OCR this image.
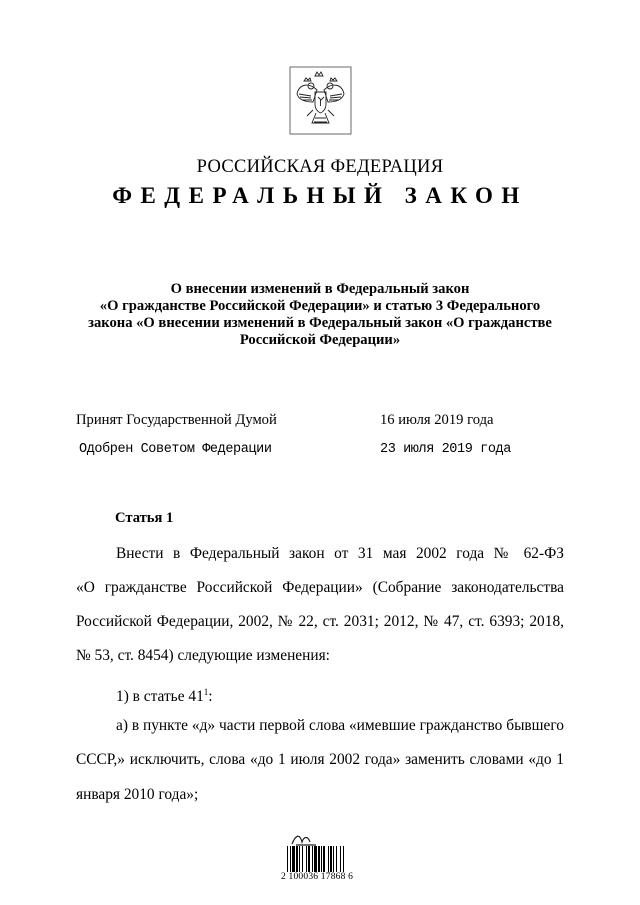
РОССИЙСКАЯ ФЕДЕРАЦИЯ
ФЕДЕРАЛЬНЫЙ ЗАКОН
О внесении изменений в Федеральный закон
«О гражданстве Российской Федерации» и статью 3 Федерального
закона «О внесении изменений в Федеральный закон «О гражданстве
Российской Федерации»
Принят Государственной Думой	16 июля 2019 года
Одобрен Советом Федерации	23 июля 2019 года
Статья 1
Внести в Федеральный закон от 31 мая 2002 года № 62-ФЗ
«О гражданстве Российской Федерации» (Собрание законодательства
Российской Федерации, 2002, № 22, ст. 2031; 2012, № 47, ст. 6393; 2018,
№ 53, ст. 8454) следующие изменения:
1) в статье $41^1$:
а) в пункте «д» части первой слова «имевшие гражданство бывшего
СССР,» исключить, слова «до 1 июля 2002 года» заменить словами «до 1
января 2010 года»;
2 100036 17868 6
